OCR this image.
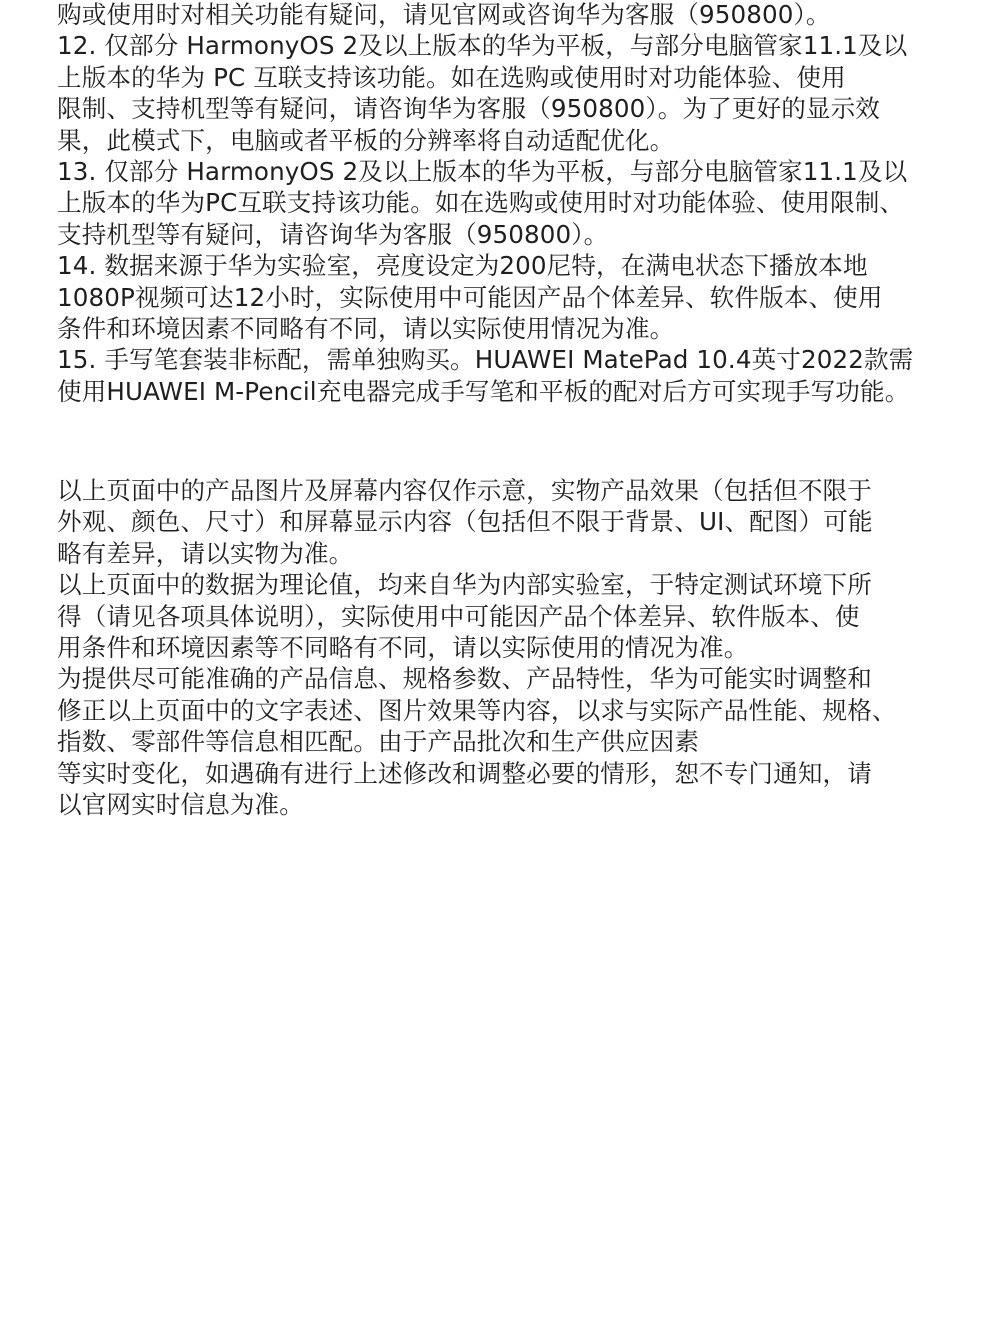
购或使用时对相关功能有疑问，请见官网或咨询华为客服（950800）。
12. 仅部分 HarmonyOS 2及以上版本的华为平板，与部分电脑管家11.1及以
上版本的华为 PC 互联支持该功能。如在选购或使用时对功能体验、使用
限制、支持机型等有疑问，请咨询华为客服（950800）。为了更好的显示效
果，此模式下，电脑或者平板的分辨率将自动适配优化。
13. 仅部分 HarmonyOS 2及以上版本的华为平板，与部分电脑管家11.1及以
上版本的华为PC互联支持该功能。如在选购或使用时对功能体验、使用限制、
支持机型等有疑问，请咨询华为客服（950800）。
14. 数据来源于华为实验室，亮度设定为200尼特，在满电状态下播放本地
1080P视频可达12小时，实际使用中可能因产品个体差异、软件版本、使用
条件和环境因素不同略有不同，请以实际使用情况为准。
15. 手写笔套装非标配，需单独购买。HUAWEI MatePad 10.4英寸2022款需
使用HUAWEI M-Pencil充电器完成手写笔和平板的配对后方可实现手写功能。
以上页面中的产品图片及屏幕内容仅作示意，实物产品效果（包括但不限于
外观、颜色、尺寸）和屏幕显示内容（包括但不限于背景、UI、配图）可能
略有差异，请以实物为准。
以上页面中的数据为理论值，均来自华为内部实验室，于特定测试环境下所
得（请见各项具体说明），实际使用中可能因产品个体差异、软件版本、使
用条件和环境因素等不同略有不同，请以实际使用的情况为准。
为提供尽可能准确的产品信息、规格参数、产品特性，华为可能实时调整和
修正以上页面中的文字表述、图片效果等内容，以求与实际产品性能、规格、
指数、零部件等信息相匹配。由于产品批次和生产供应因素
等实时变化，如遇确有进行上述修改和调整必要的情形，恕不专门通知，请
以官网实时信息为准。
